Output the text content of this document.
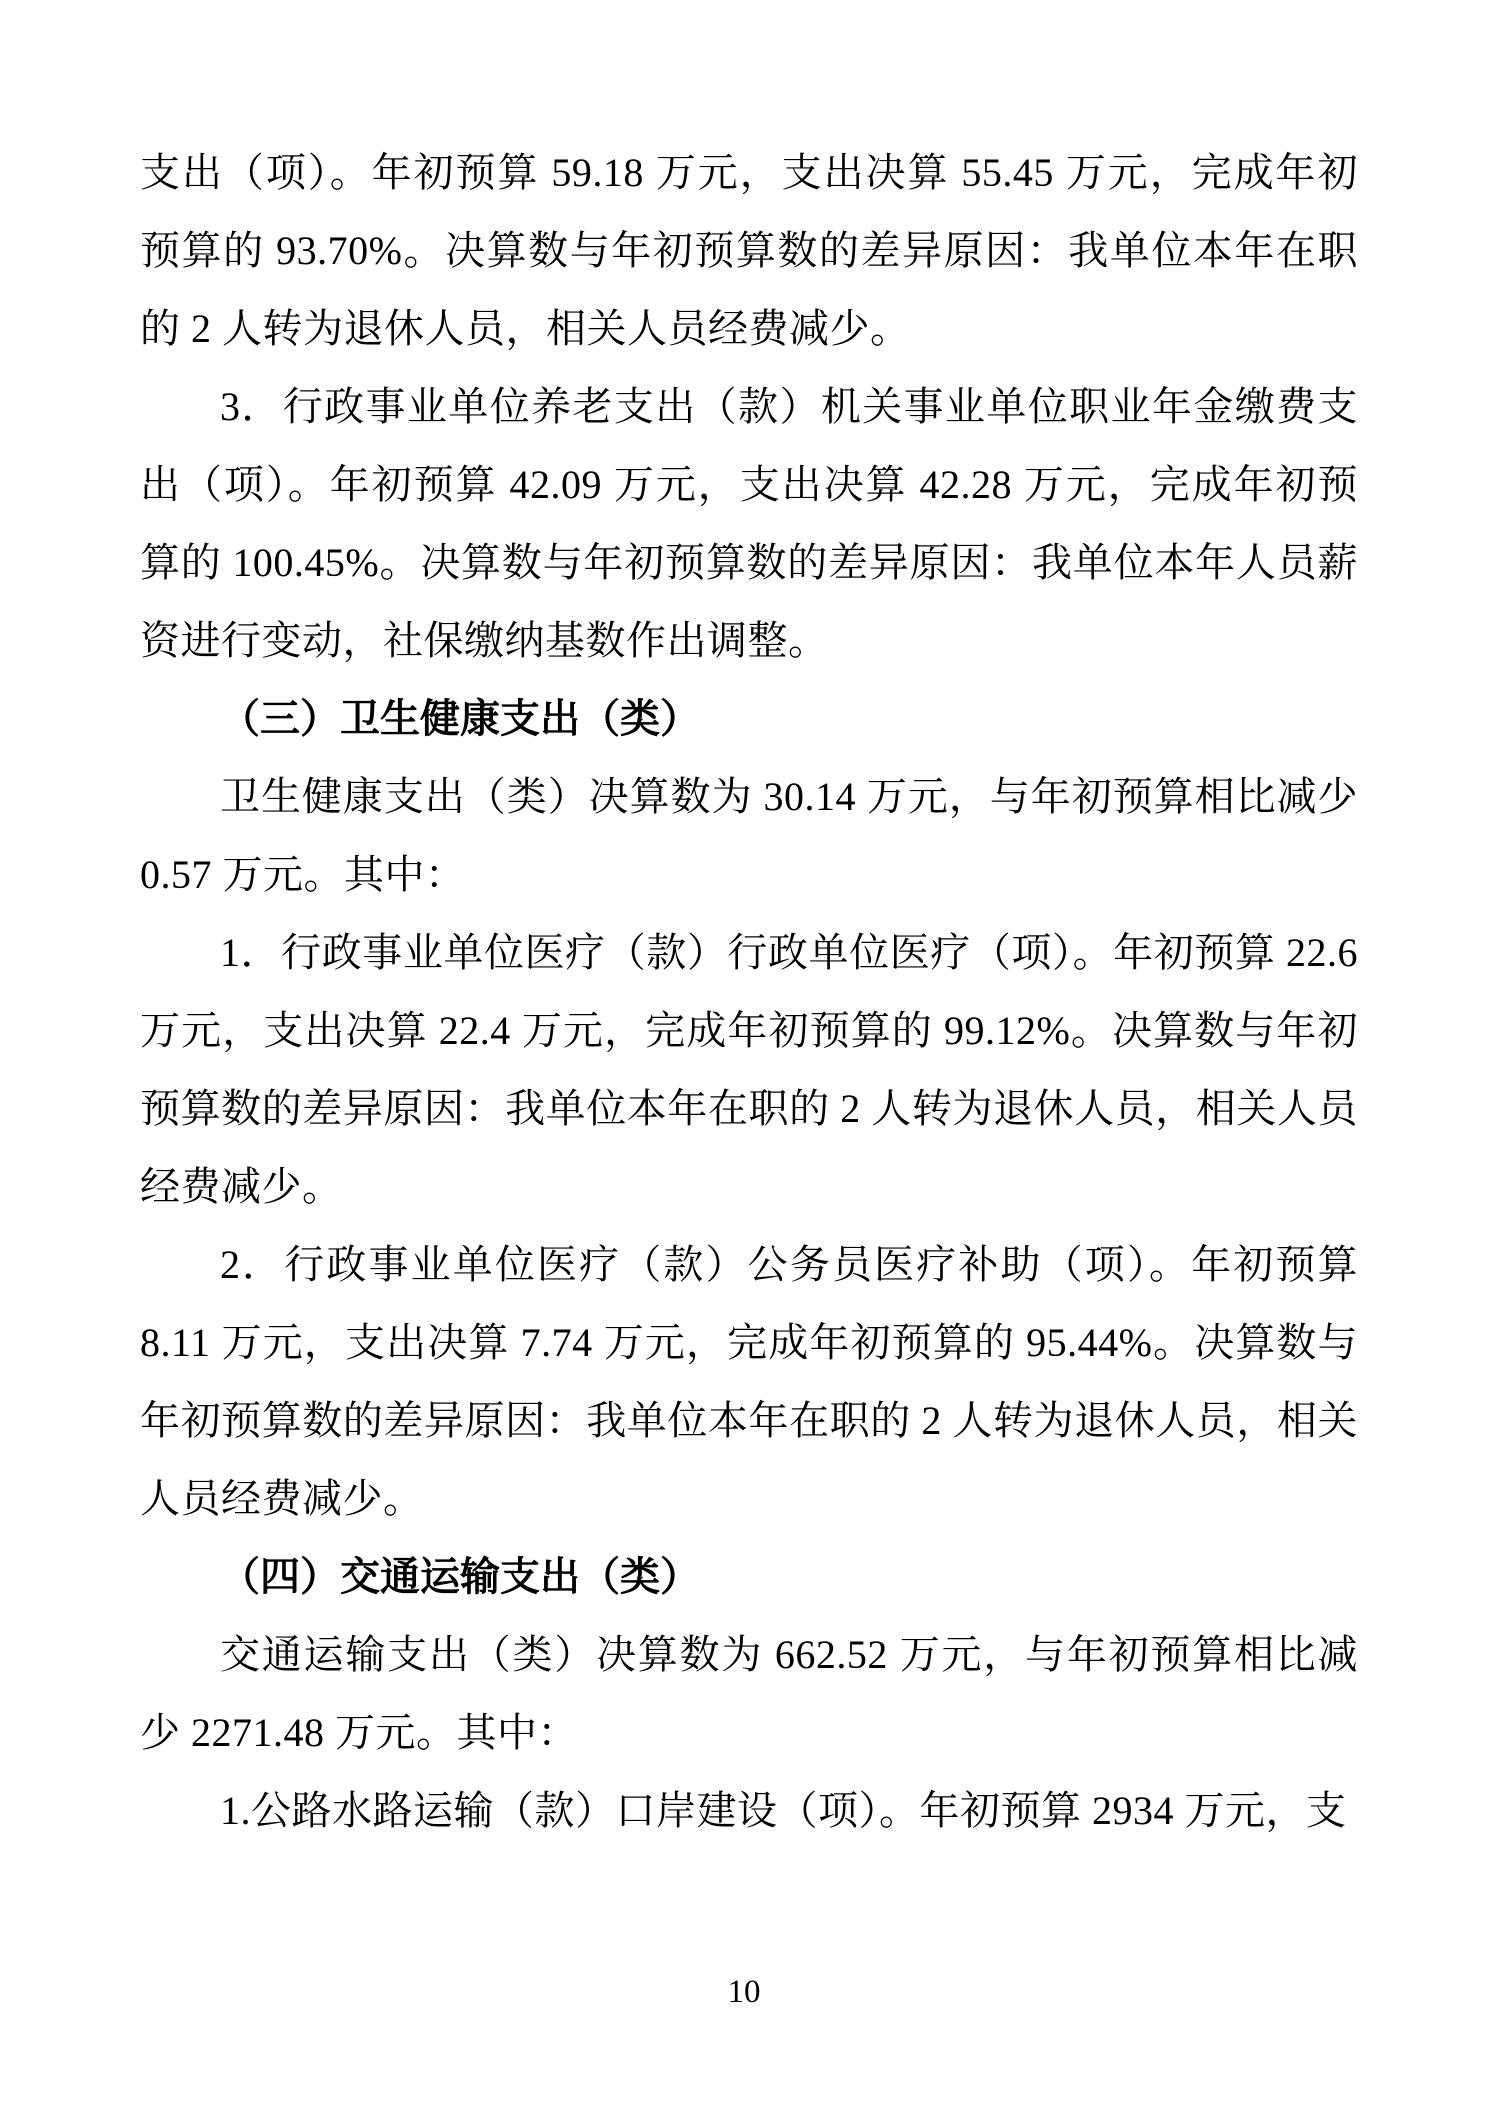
支出（项）。年初预算 59.18 万元，支出决算 55.45 万元，完成年初预算的 93.70%。决算数与年初预算数的差异原因：我单位本年在职的 2 人转为退休人员，相关人员经费减少。

3．行政事业单位养老支出（款）机关事业单位职业年金缴费支出（项）。年初预算 42.09 万元，支出决算 42.28 万元，完成年初预算的 100.45%。决算数与年初预算数的差异原因：我单位本年人员薪资进行变动，社保缴纳基数作出调整。

（三）卫生健康支出（类）

卫生健康支出（类）决算数为 30.14 万元，与年初预算相比减少 0.57 万元。其中：

1．行政事业单位医疗（款）行政单位医疗（项）。年初预算 22.6 万元，支出决算 22.4 万元，完成年初预算的 99.12%。决算数与年初预算数的差异原因：我单位本年在职的 2 人转为退休人员，相关人员经费减少。

2．行政事业单位医疗（款）公务员医疗补助（项）。年初预算 8.11 万元，支出决算 7.74 万元，完成年初预算的 95.44%。决算数与年初预算数的差异原因：我单位本年在职的 2 人转为退休人员，相关人员经费减少。

（四）交通运输支出（类）

交通运输支出（类）决算数为 662.52 万元，与年初预算相比减少 2271.48 万元。其中：

1.公路水路运输（款）口岸建设（项）。年初预算 2934 万元，支

10
